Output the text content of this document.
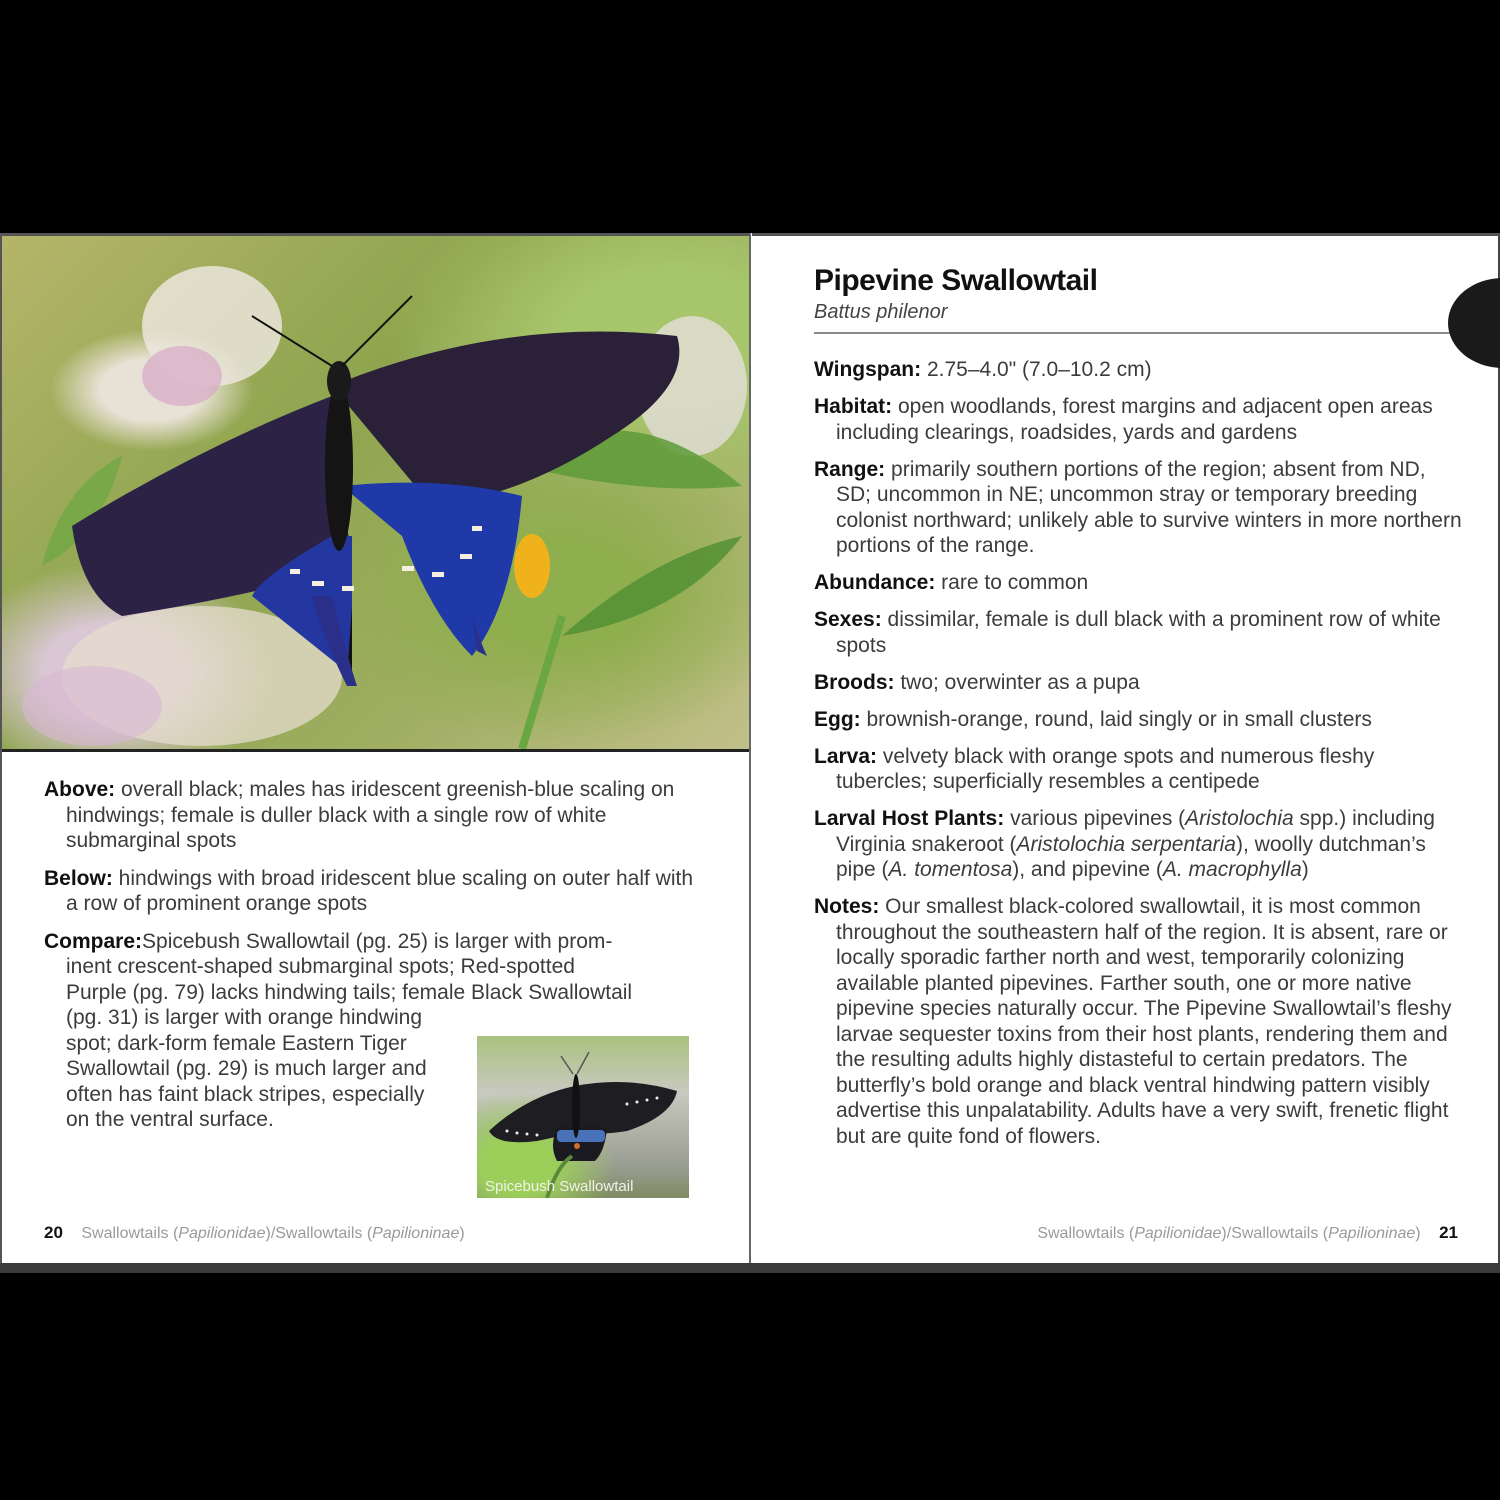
Above: overall black; males has iridescent greenish-blue scaling on hindwings; female is duller black with a single row of white submarginal spots

Below: hindwings with broad iridescent blue scaling on outer half with a row of prominent orange spots

Compare:Spicebush Swallowtail (pg. 25) is larger with prom-
inent crescent-shaped submarginal spots; Red-spotted
Purple (pg. 79) lacks hindwing tails; female Black Swallowtail
(pg. 31) is larger with orange hindwing
spot; dark-form female Eastern Tiger
Swallowtail (pg. 29) is much larger and
often has faint black stripes, especially
on the ventral surface.

Spicebush Swallowtail
20 Swallowtails (Papilionidae)/Swallowtails (Papilioninae)
Pipevine Swallowtail
Battus philenor

Wingspan: 2.75–4.0" (7.0–10.2 cm)

Habitat: open woodlands, forest margins and adjacent open areas including clearings, roadsides, yards and gardens

Range: primarily southern portions of the region; absent from ND, SD; uncommon in NE; uncommon stray or temporary breeding colonist northward; unlikely able to survive winters in more northern portions of the range.

Abundance: rare to common

Sexes: dissimilar, female is dull black with a prominent row of white spots

Broods: two; overwinter as a pupa

Egg: brownish-orange, round, laid singly or in small clusters

Larva: velvety black with orange spots and numerous fleshy tubercles; superficially resembles a centipede

Larval Host Plants: various pipevines (Aristolochia spp.) including Virginia snakeroot (Aristolochia serpentaria), woolly dutchman’s pipe (A. tomentosa), and pipevine (A. macrophylla)

Notes: Our smallest black-colored swallowtail, it is most common throughout the southeastern half of the region. It is absent, rare or locally sporadic farther north and west, temporarily colonizing available planted pipevines. Farther south, one or more native pipevine species naturally occur. The Pipevine Swallowtail’s fleshy larvae sequester toxins from their host plants, rendering them and the resulting adults highly distasteful to certain predators. The butterfly’s bold orange and black ventral hindwing pattern visibly advertise this unpalatability. Adults have a very swift, frenetic flight but are quite fond of flowers.

Swallowtails (Papilionidae)/Swallowtails (Papilioninae) 21
